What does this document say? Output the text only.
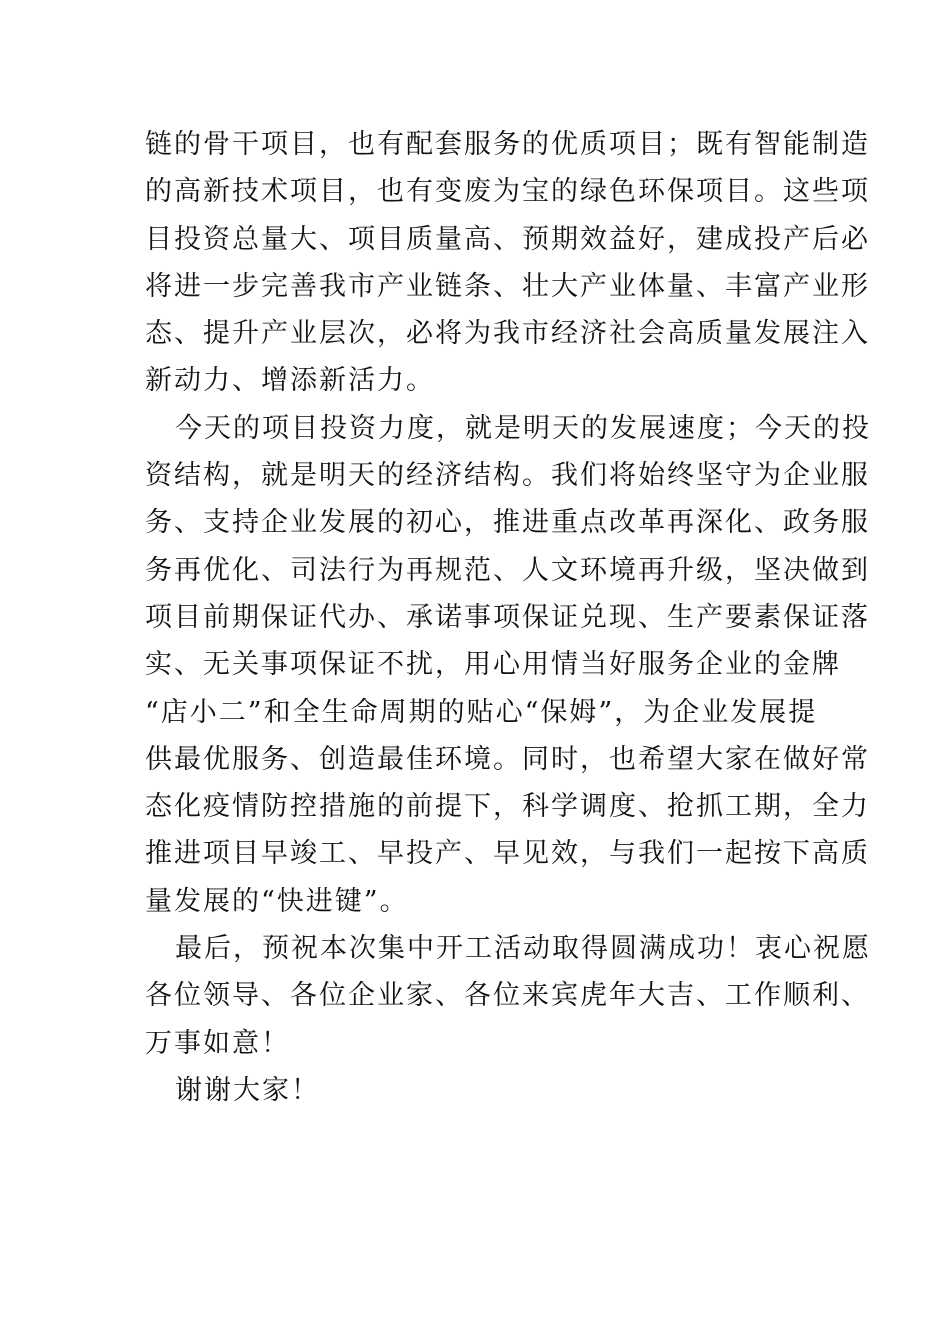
链的骨干项目，也有配套服务的优质项目；既有智能制造
的高新技术项目，也有变废为宝的绿色环保项目。这些项
目投资总量大、项目质量高、预期效益好，建成投产后必
将进一步完善我市产业链条、壮大产业体量、丰富产业形
态、提升产业层次，必将为我市经济社会高质量发展注入
新动力、增添新活力。
今天的项目投资力度，就是明天的发展速度；今天的投
资结构，就是明天的经济结构。我们将始终坚守为企业服
务、支持企业发展的初心，推进重点改革再深化、政务服
务再优化、司法行为再规范、人文环境再升级，坚决做到
项目前期保证代办、承诺事项保证兑现、生产要素保证落
实、无关事项保证不扰，用心用情当好服务企业的金牌
“店小二”和全生命周期的贴心“保姆”，为企业发展提
供最优服务、创造最佳环境。同时，也希望大家在做好常
态化疫情防控措施的前提下，科学调度、抢抓工期，全力
推进项目早竣工、早投产、早见效，与我们一起按下高质
量发展的“快进键”。
最后，预祝本次集中开工活动取得圆满成功！衷心祝愿
各位领导、各位企业家、各位来宾虎年大吉、工作顺利、
万事如意！
谢谢大家！
